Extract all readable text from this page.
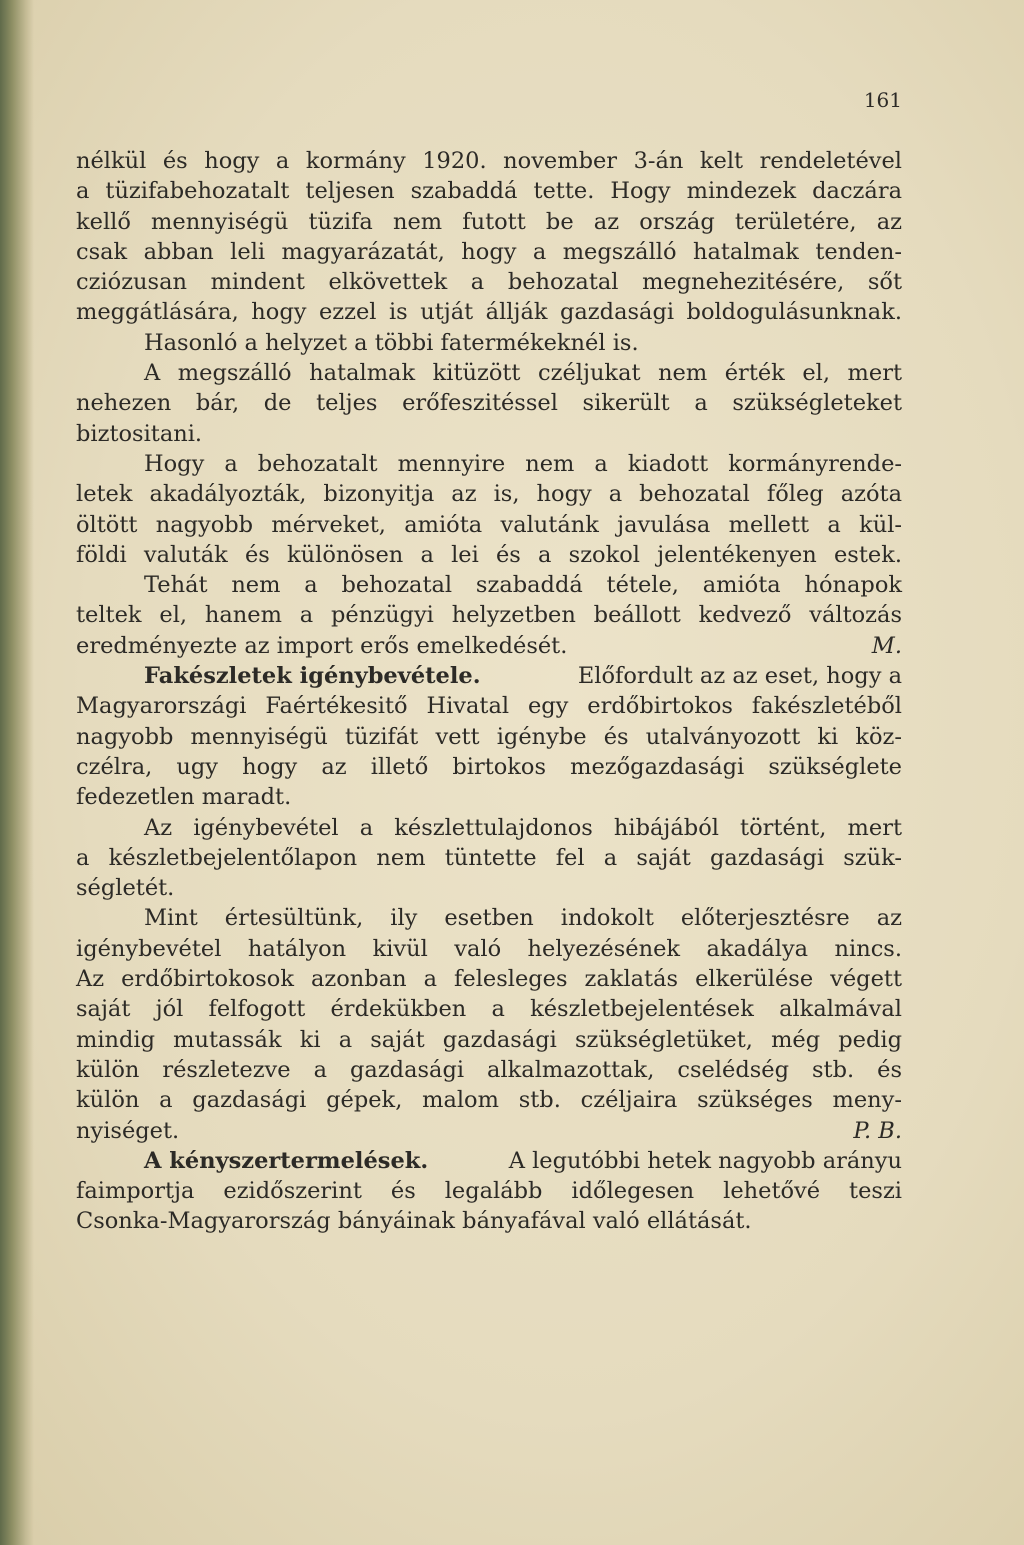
161
nélkül és hogy a kormány 1920. november 3-án kelt rendeletével
a tüzifabehozatalt teljesen szabaddá tette. Hogy mindezek daczára
kellő mennyiségü tüzifa nem futott be az ország területére, az
csak abban leli magyarázatát, hogy a megszálló hatalmak tenden-
cziózusan mindent elkövettek a behozatal megnehezitésére, sőt
meggátlására, hogy ezzel is utját állják gazdasági boldogulásunknak.
Hasonló a helyzet a többi fatermékeknél is.
A megszálló hatalmak kitüzött czéljukat nem érték el, mert
nehezen bár, de teljes erőfeszitéssel sikerült a szükségleteket
biztositani.
Hogy a behozatalt mennyire nem a kiadott kormányrende-
letek akadályozták, bizonyitja az is, hogy a behozatal főleg azóta
öltött nagyobb mérveket, amióta valutánk javulása mellett a kül-
földi valuták és különösen a lei és a szokol jelentékenyen estek.
Tehát nem a behozatal szabaddá tétele, amióta hónapok
teltek el, hanem a pénzügyi helyzetben beállott kedvező változás
eredményezte az import erős emelkedését.	M.
Fakészletek igénybevétele.	Előfordult az az eset, hogy a
Magyarországi Faértékesitő Hivatal egy erdőbirtokos fakészletéből
nagyobb mennyiségü tüzifát vett igénybe és utalványozott ki köz-
czélra, ugy hogy az illető birtokos mezőgazdasági szükséglete
fedezetlen maradt.
Az igénybevétel a készlettulajdonos hibájából történt, mert
a készletbejelentőlapon nem tüntette fel a saját gazdasági szük-
ségletét.
Mint értesültünk, ily esetben indokolt előterjesztésre az
igénybevétel hatályon kivül való helyezésének akadálya nincs.
Az erdőbirtokosok azonban a felesleges zaklatás elkerülése végett
saját jól felfogott érdekükben a készletbejelentések alkalmával
mindig mutassák ki a saját gazdasági szükségletüket, még pedig
külön részletezve a gazdasági alkalmazottak, cselédség stb. és
külön a gazdasági gépek, malom stb. czéljaira szükséges meny-
nyiséget.	P. B.
A kényszertermelések.	A legutóbbi hetek nagyobb arányu
faimportja ezidőszerint és legalább időlegesen lehetővé teszi
Csonka-Magyarország bányáinak bányafával való ellátását.
